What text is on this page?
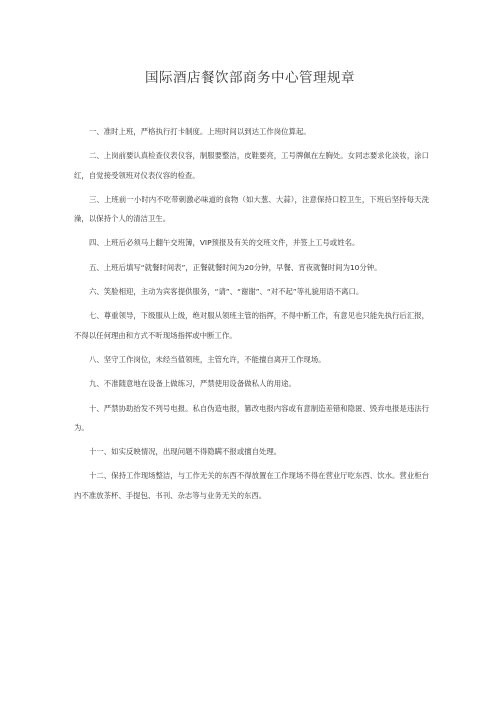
国际酒店餐饮部商务中心管理规章

一、准时上班，严格执行打卡制度。上班时间以到达工作岗位算起。

二、上岗前要认真检查仪表仪容，制服要整洁，皮鞋要亮，工号牌佩在左胸处。女同志要求化淡妆，涂口红，自觉接受领班对仪表仪容的检查。

三、上班前一小时内不吃带刺激必味道的食物（如大葱、大蒜），注意保持口腔卫生，下班后坚持每天洗澡，以保持个人的清洁卫生。

四、上班后必须马上翻午交班簿，VIP预报及有关的交班文件，并签上工号或姓名。

五、上班后填写“就餐时间表”，正餐就餐时间为20分钟，早餐、宵夜就餐时间为10分钟。

六、笑脸相迎，主动为宾客提供服务，“请”、“谢谢”、“对不起”等礼貌用语不离口。

七、尊重领导，下级服从上级，绝对服从领班主管的指挥，不得中断工作，有意见也只能先执行后汇报，不得以任何理由和方式不听现场指挥或中断工作。

八、坚守工作岗位，未经当值领班，主管允许，不能擅自离开工作现场。

九、不准随意地在设备上做练习，严禁使用设备做私人的用途。

十、严禁协助抬发不列号电报。私自伪造电报，篡改电报内容或有意制造差错和隐匿、毁弃电报是违法行为。

十一、如实反映情况，出现问题不得隐瞒不报或擅自处理。

十二、保持工作现场整洁，与工作无关的东西不得放置在工作现场不得在营业厅吃东西、饮水。营业柜台内不准放茶杯、手提包、书刊、杂志等与业务无关的东西。
